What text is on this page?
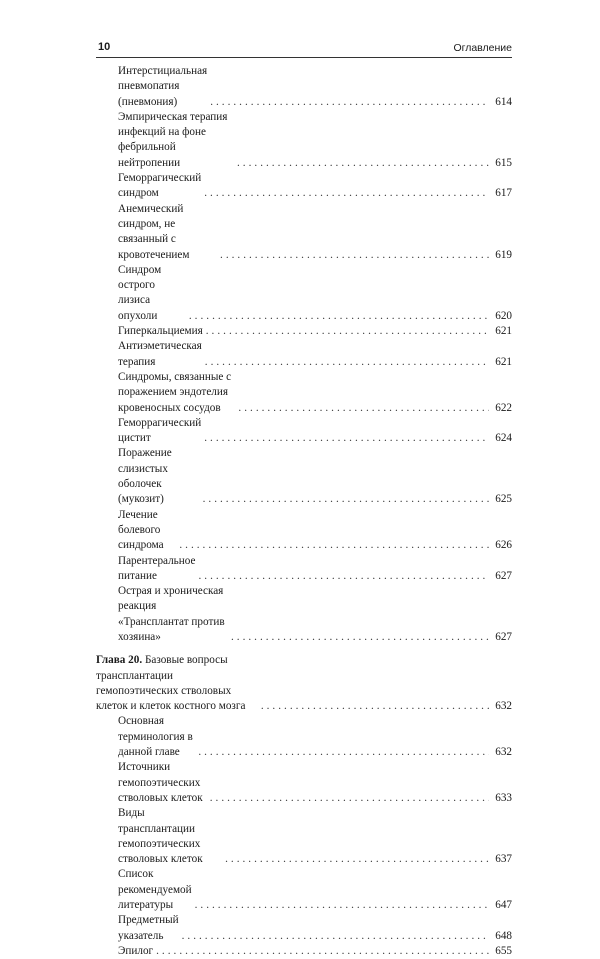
10	Оглавление
Интерстициальная пневмопатия (пневмония) .....	614
Эмпирическая терапия инфекций на фоне фебрильной нейтропении .....	615
Геморрагический синдром .....	617
Анемический синдром, не связанный с кровотечением .....	619
Синдром острого лизиса опухоли .....	620
Гиперкальциемия .....	621
Антиэметическая терапия .....	621
Синдромы, связанные с поражением эндотелия кровеносных сосудов .....	622
Геморрагический цистит .....	624
Поражение слизистых оболочек (мукозит) .....	625
Лечение болевого синдрома .....	626
Парентеральное питание .....	627
Острая и хроническая реакция «Трансплантат против хозяина» .....	627
Глава 20. Базовые вопросы трансплантации гемопоэтических стволовых клеток и клеток костного мозга .....	632
Основная терминология в данной главе .....	632
Источники гемопоэтических стволовых клеток .....	633
Виды трансплантации гемопоэтических стволовых клеток .....	637
Список рекомендуемой литературы .....	647
Предметный указатель .....	648
Эпилог .....	655
